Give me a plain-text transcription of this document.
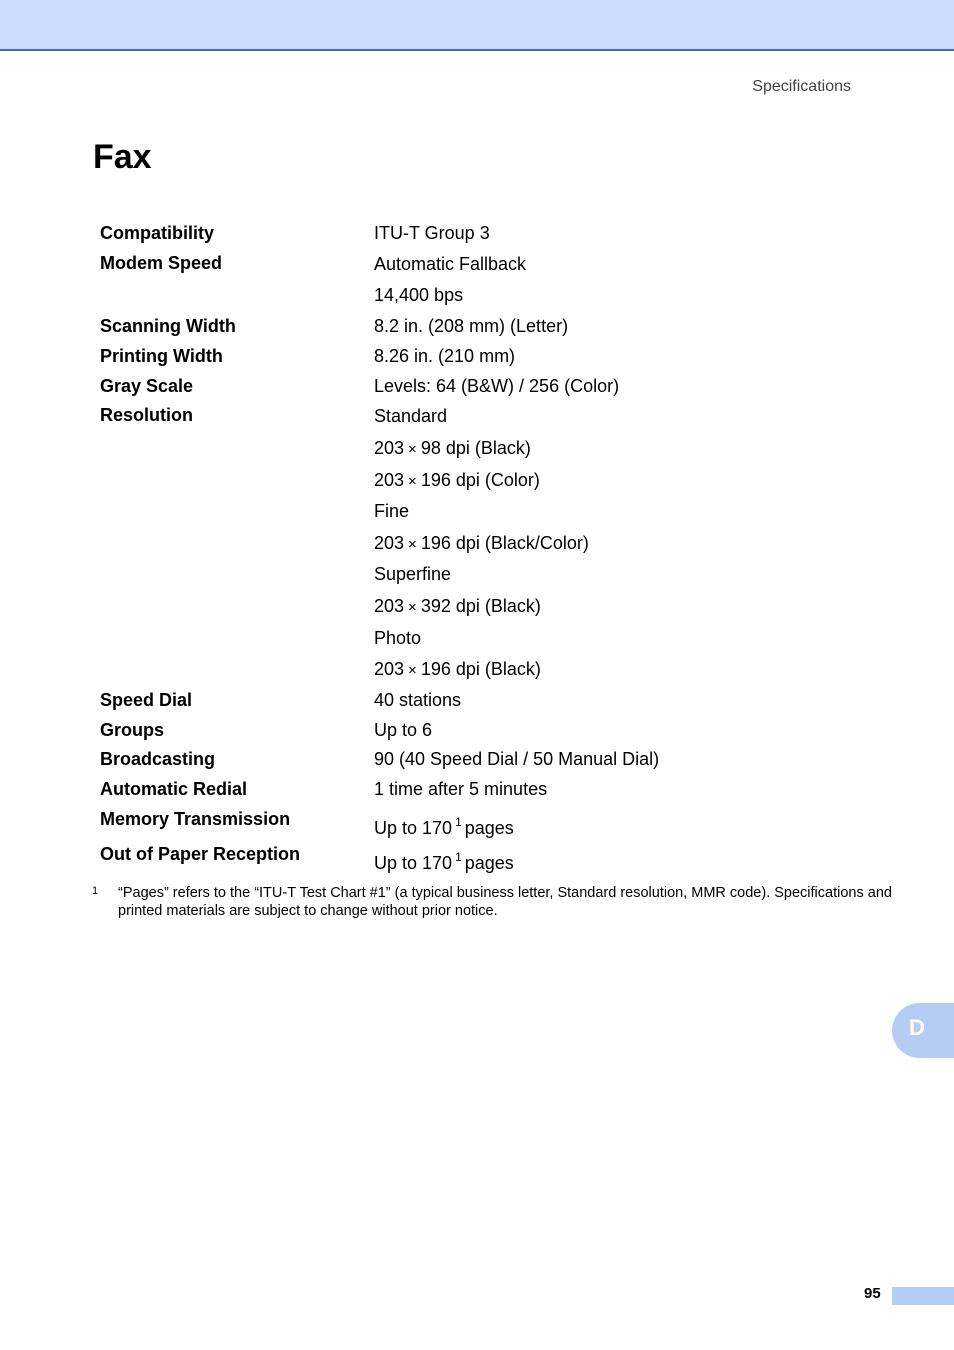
Specifications
Fax
Compatibility	ITU-T Group 3
Modem Speed	Automatic Fallback
14,400 bps
Scanning Width	8.2 in. (208 mm) (Letter)
Printing Width	8.26 in. (210 mm)
Gray Scale	Levels: 64 (B&W) / 256 (Color)
Resolution	Standard
203 × 98 dpi (Black)
203 × 196 dpi (Color)
Fine
203 × 196 dpi (Black/Color)
Superfine
203 × 392 dpi (Black)
Photo
203 × 196 dpi (Black)
Speed Dial	40 stations
Groups	Up to 6
Broadcasting	90 (40 Speed Dial / 50 Manual Dial)
Automatic Redial	1 time after 5 minutes
Memory Transmission	Up to 170 $^1$ pages
Out of Paper Reception	Up to 170 $^1$ pages
1 “Pages” refers to the “ITU-T Test Chart #1” (a typical business letter, Standard resolution, MMR code). Specifications and printed materials are subject to change without prior notice.
D
95
